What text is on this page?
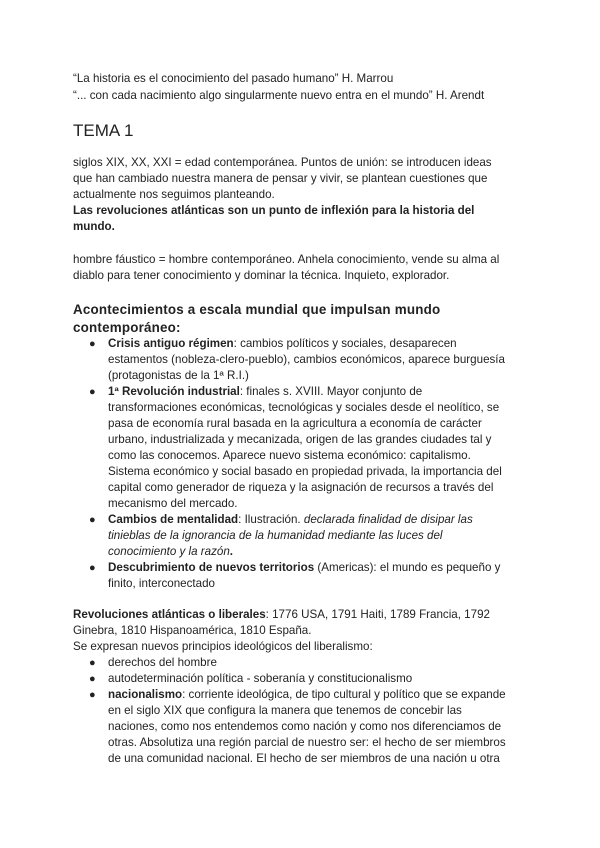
“La historia es el conocimiento del pasado humano” H. Marrou
“... con cada nacimiento algo singularmente nuevo entra en el mundo” H. Arendt
TEMA 1
siglos XIX, XX, XXI = edad contemporánea. Puntos de unión: se introducen ideas
que han cambiado nuestra manera de pensar y vivir, se plantean cuestiones que
actualmente nos seguimos planteando.
Las revoluciones atlánticas son un punto de inflexión para la historia del
mundo.
hombre fáustico = hombre contemporáneo. Anhela conocimiento, vende su alma al
diablo para tener conocimiento y dominar la técnica. Inquieto, explorador.
Acontecimientos a escala mundial que impulsan mundo
contemporáneo:
● Crisis antiguo régimen: cambios políticos y sociales, desaparecen
estamentos (nobleza-clero-pueblo), cambios económicos, aparece burguesía
(protagonistas de la 1ª R.I.)
● 1ª Revolución industrial: finales s. XVIII. Mayor conjunto de
transformaciones económicas, tecnológicas y sociales desde el neolítico, se
pasa de economía rural basada en la agricultura a economía de carácter
urbano, industrializada y mecanizada, origen de las grandes ciudades tal y
como las conocemos. Aparece nuevo sistema económico: capitalismo.
Sistema económico y social basado en propiedad privada, la importancia del
capital como generador de riqueza y la asignación de recursos a través del
mecanismo del mercado.
● Cambios de mentalidad: Ilustración. declarada finalidad de disipar las
tinieblas de la ignorancia de la humanidad mediante las luces del
conocimiento y la razón.
● Descubrimiento de nuevos territorios (Americas): el mundo es pequeño y
finito, interconectado
Revoluciones atlánticas o liberales: 1776 USA, 1791 Haiti, 1789 Francia, 1792
Ginebra, 1810 Hispanoamérica, 1810 España.
Se expresan nuevos principios ideológicos del liberalismo:
● derechos del hombre
● autodeterminación política - soberanía y constitucionalismo
● nacionalismo: corriente ideológica, de tipo cultural y político que se expande
en el siglo XIX que configura la manera que tenemos de concebir las
naciones, como nos entendemos como nación y como nos diferenciamos de
otras. Absolutiza una región parcial de nuestro ser: el hecho de ser miembros
de una comunidad nacional. El hecho de ser miembros de una nación u otra
